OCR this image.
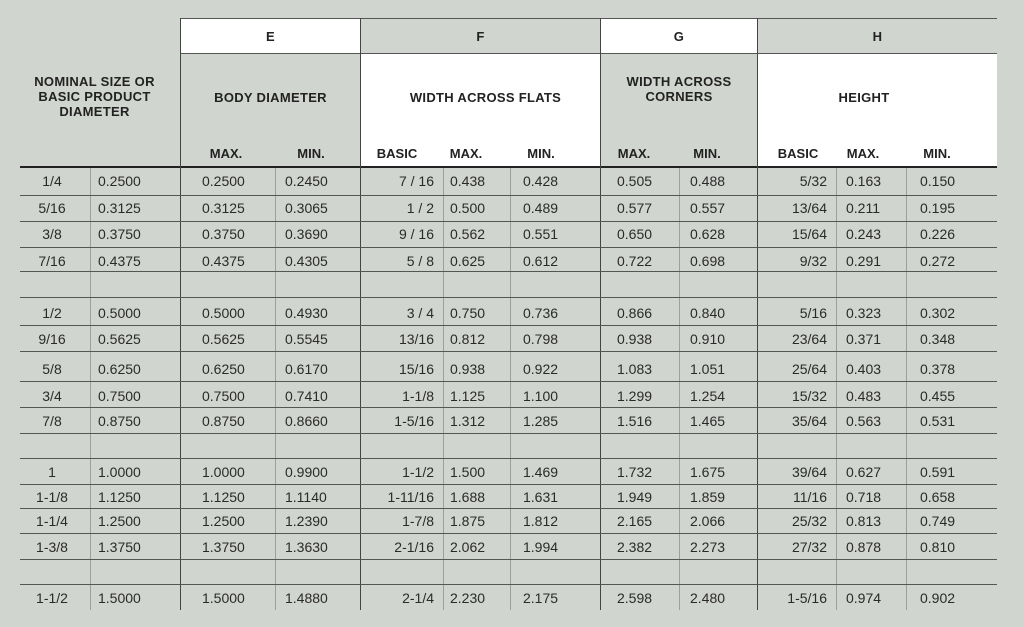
E	F	G	H
NOMINAL SIZE OR BASIC PRODUCT DIAMETER
BODY DIAMETER	WIDTH ACROSS FLATS
WIDTH ACROSS CORNERS	HEIGHT
MAX.	MIN.	BASIC	MAX.	MIN.	MAX.	MIN.	BASIC	MAX.	MIN.
1/4	0.2500	0.2500	0.2450	7 / 16 0.438	0.428	0.505	0.488	5/32 0.163	0.150
5/16	0.3125	0.3125	0.3065	1 / 2 0.500	0.489	0.577	0.557	13/64 0.211	0.195
3/8	0.3750	0.3750	0.3690	9 / 16 0.562	0.551	0.650	0.628	15/64 0.243	0.226
7/16	0.4375	0.4375	0.4305	5 / 8 0.625	0.612	0.722	0.698	9/32 0.291	0.272
1/2	0.5000	0.5000	0.4930	3 / 4 0.750	0.736	0.866	0.840	5/16 0.323	0.302
9/16	0.5625	0.5625	0.5545	13/16 0.812	0.798	0.938	0.910	23/64 0.371	0.348
5/8	0.6250	0.6250	0.6170	15/16 0.938	0.922	1.083	1.051	25/64 0.403	0.378
3/4	0.7500	0.7500	0.7410	1-1/8 1.125	1.100	1.299	1.254	15/32 0.483	0.455
7/8	0.8750	0.8750	0.8660	1-5/16 1.312	1.285	1.516	1.465	35/64 0.563	0.531
1	1.0000	1.0000	0.9900	1-1/2 1.500	1.469	1.732	1.675	39/64 0.627	0.591
1-1/8	1.1250	1.1250	1.1140	1-11/16 1.688	1.631	1.949	1.859	11/16 0.718	0.658
1-1/4	1.2500	1.2500	1.2390	1-7/8 1.875	1.812	2.165	2.066	25/32 0.813	0.749
1-3/8	1.3750	1.3750	1.3630	2-1/16 2.062	1.994	2.382	2.273	27/32 0.878	0.810
1-1/2	1.5000	1.5000	1.4880	2-1/4 2.230	2.175	2.598	2.480	1-5/16 0.974	0.902
